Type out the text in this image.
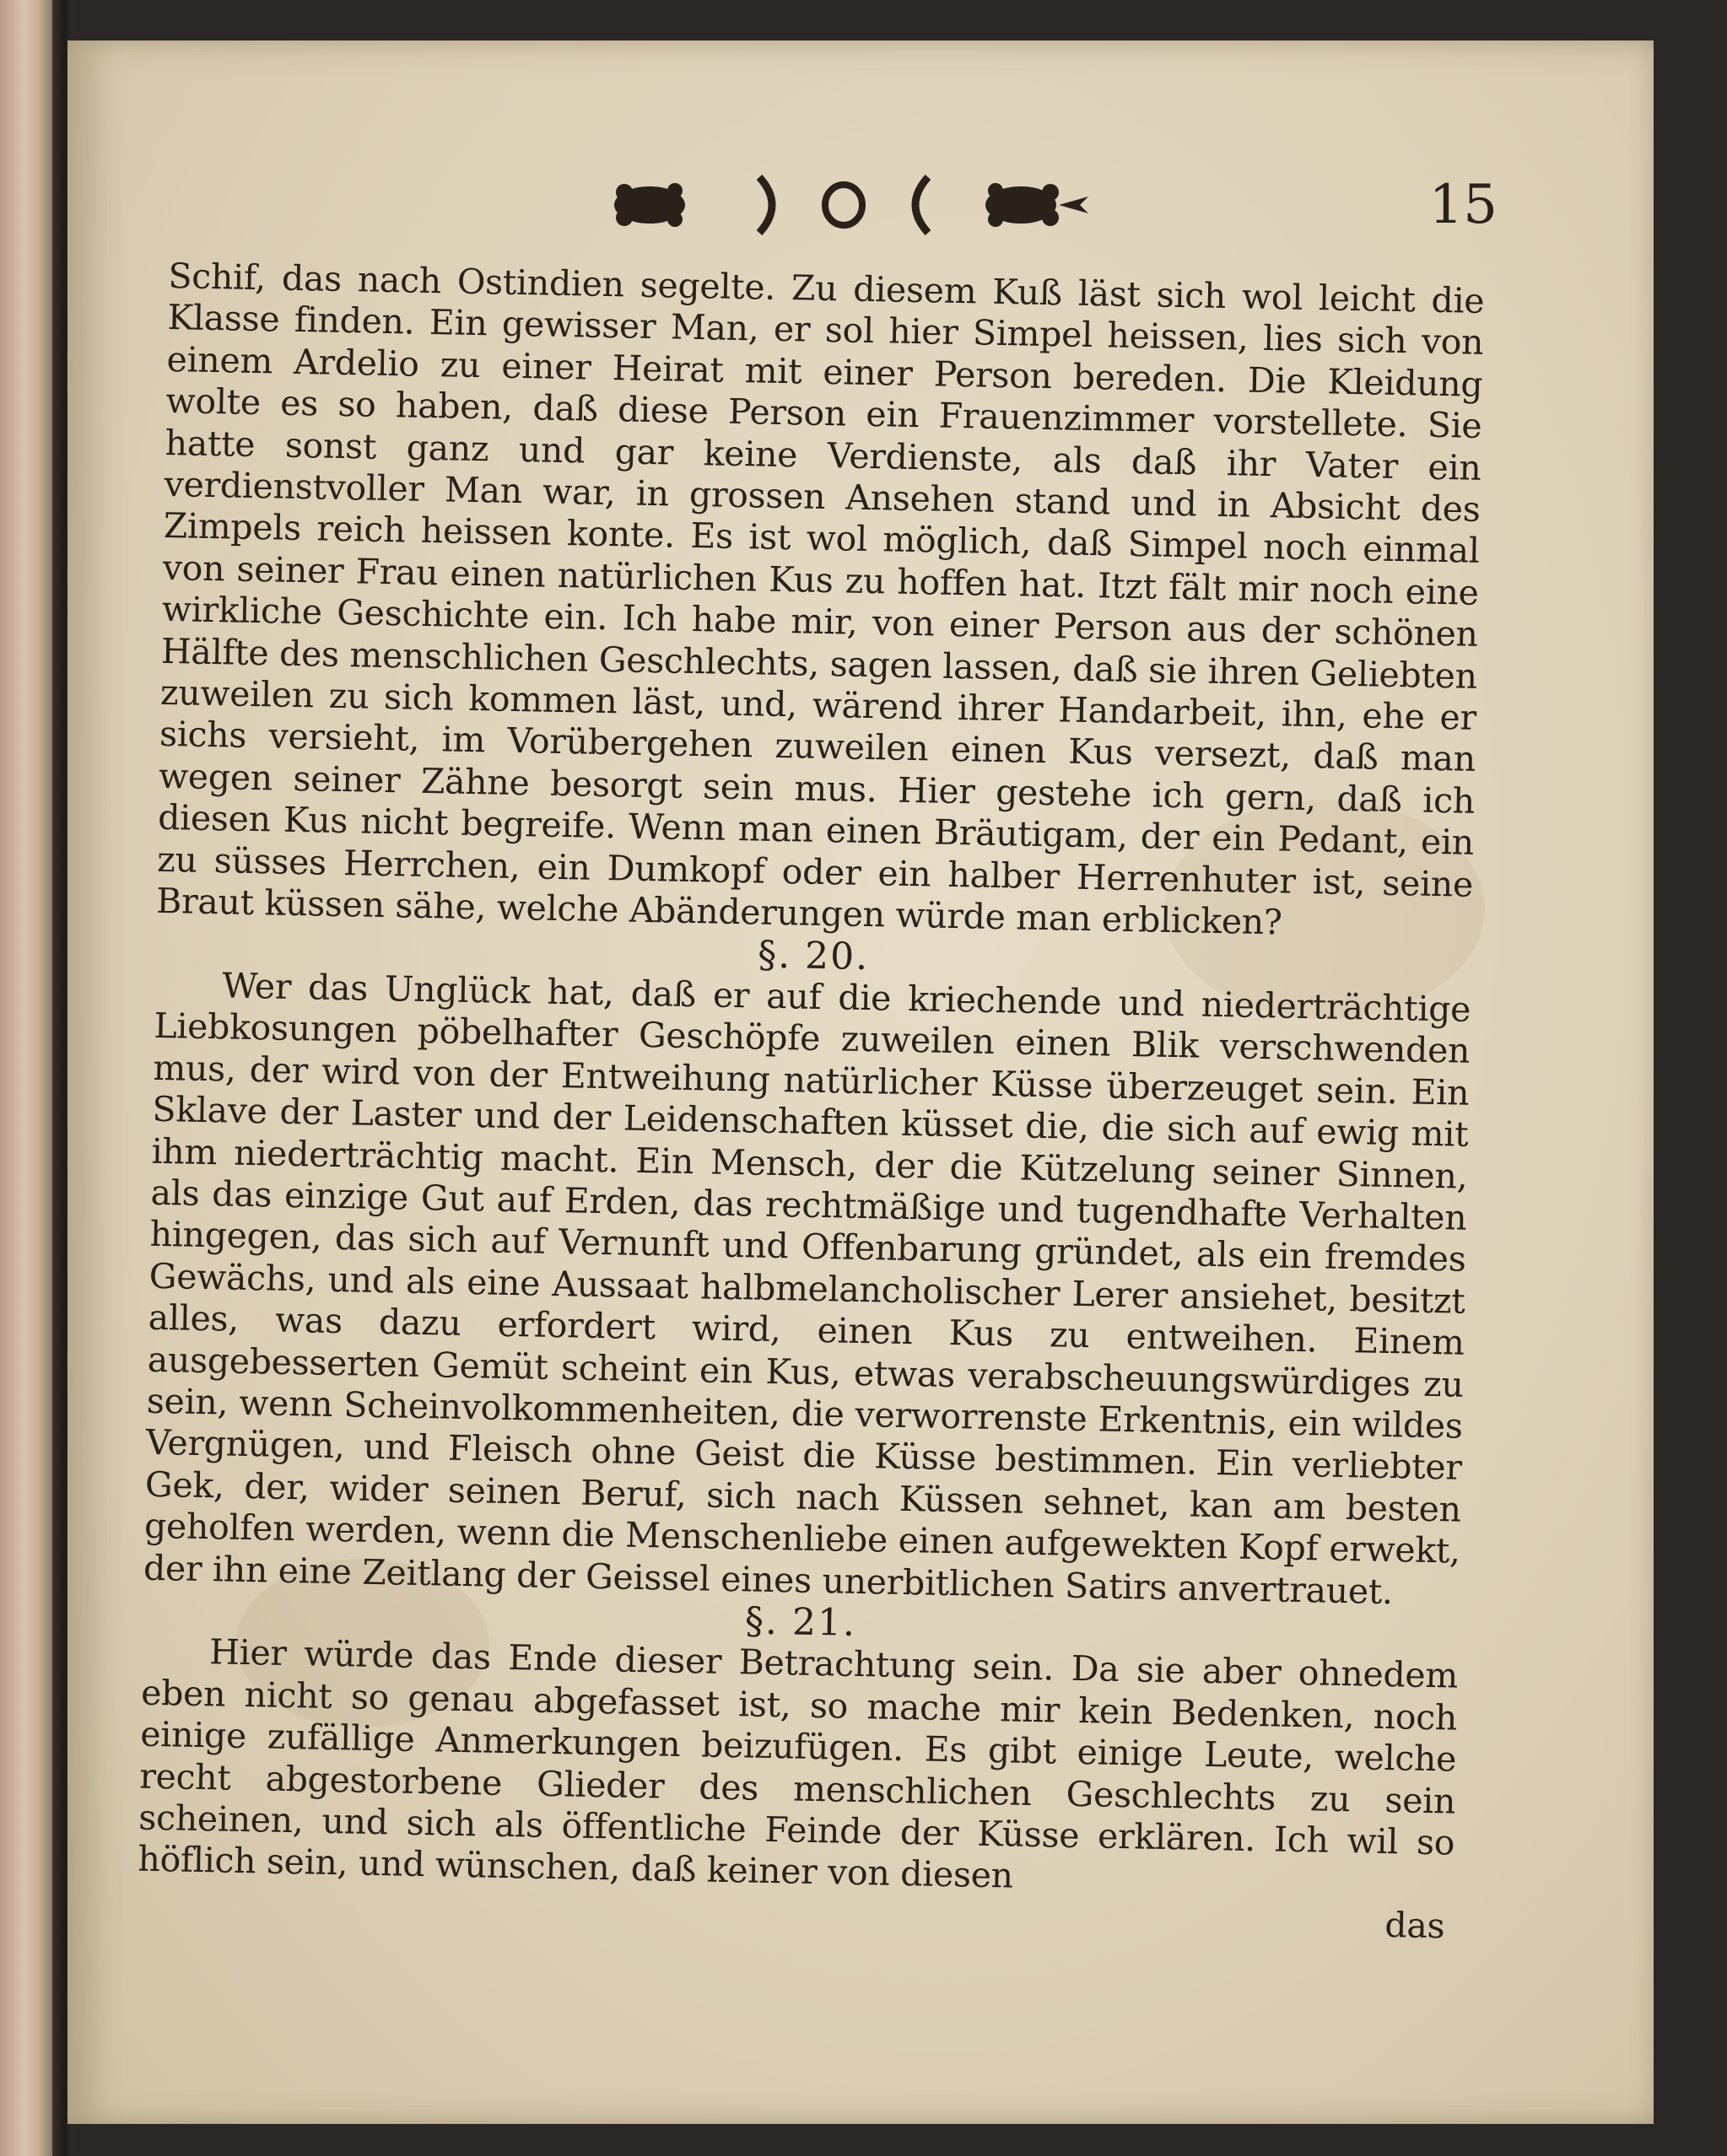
15

Schif, das nach Ostindien segelte. Zu diesem Kuß läst sich wol leicht die Klasse finden. Ein gewisser Man, er sol hier Simpel heissen, lies sich von einem Ardelio zu einer Heirat mit einer Person bereden. Die Kleidung wolte es so haben, daß diese Person ein Frauenzimmer vorstellete. Sie hatte sonst ganz und gar keine Verdienste, als daß ihr Vater ein verdienstvoller Man war, in grossen Ansehen stand und in Absicht des Zimpels reich heissen konte. Es ist wol möglich, daß Simpel noch einmal von seiner Frau einen natürlichen Kus zu hoffen hat. Itzt fält mir noch eine wirkliche Geschichte ein. Ich habe mir, von einer Person aus der schönen Hälfte des menschlichen Geschlechts, sagen lassen, daß sie ihren Geliebten zuweilen zu sich kommen läst, und, wärend ihrer Handarbeit, ihn, ehe er sichs versieht, im Vorübergehen zuweilen einen Kus versezt, daß man wegen seiner Zähne besorgt sein mus. Hier gestehe ich gern, daß ich diesen Kus nicht begreife. Wenn man einen Bräutigam, der ein Pedant, ein zu süsses Herrchen, ein Dumkopf oder ein halber Herrenhuter ist, seine Braut küssen sähe, welche Abänderungen würde man erblicken?

§. 20.

Wer das Unglück hat, daß er auf die kriechende und niederträchtige Liebkosungen pöbelhafter Geschöpfe zuweilen einen Blik verschwenden mus, der wird von der Entweihung natürlicher Küsse überzeuget sein. Ein Sklave der Laster und der Leidenschaften küsset die, die sich auf ewig mit ihm niederträchtig macht. Ein Mensch, der die Kützelung seiner Sinnen, als das einzige Gut auf Erden, das rechtmäßige und tugendhafte Verhalten hingegen, das sich auf Vernunft und Offenbarung gründet, als ein fremdes Gewächs, und als eine Aussaat halbmelancholischer Lerer ansiehet, besitzt alles, was dazu erfordert wird, einen Kus zu entweihen. Einem ausgebesserten Gemüt scheint ein Kus, etwas verabscheuungswürdiges zu sein, wenn Scheinvolkommenheiten, die verworrenste Erkentnis, ein wildes Vergnügen, und Fleisch ohne Geist die Küsse bestimmen. Ein verliebter Gek, der, wider seinen Beruf, sich nach Küssen sehnet, kan am besten geholfen werden, wenn die Menschenliebe einen aufgewekten Kopf erwekt, der ihn eine Zeitlang der Geissel eines unerbitlichen Satirs anvertrauet.

§. 21.

Hier würde das Ende dieser Betrachtung sein. Da sie aber ohnedem eben nicht so genau abgefasset ist, so mache mir kein Bedenken, noch einige zufällige Anmerkungen beizufügen. Es gibt einige Leute, welche recht abgestorbene Glieder des menschlichen Geschlechts zu sein scheinen, und sich als öffentliche Feinde der Küsse erklären. Ich wil so höflich sein, und wünschen, daß keiner von diesen

das
